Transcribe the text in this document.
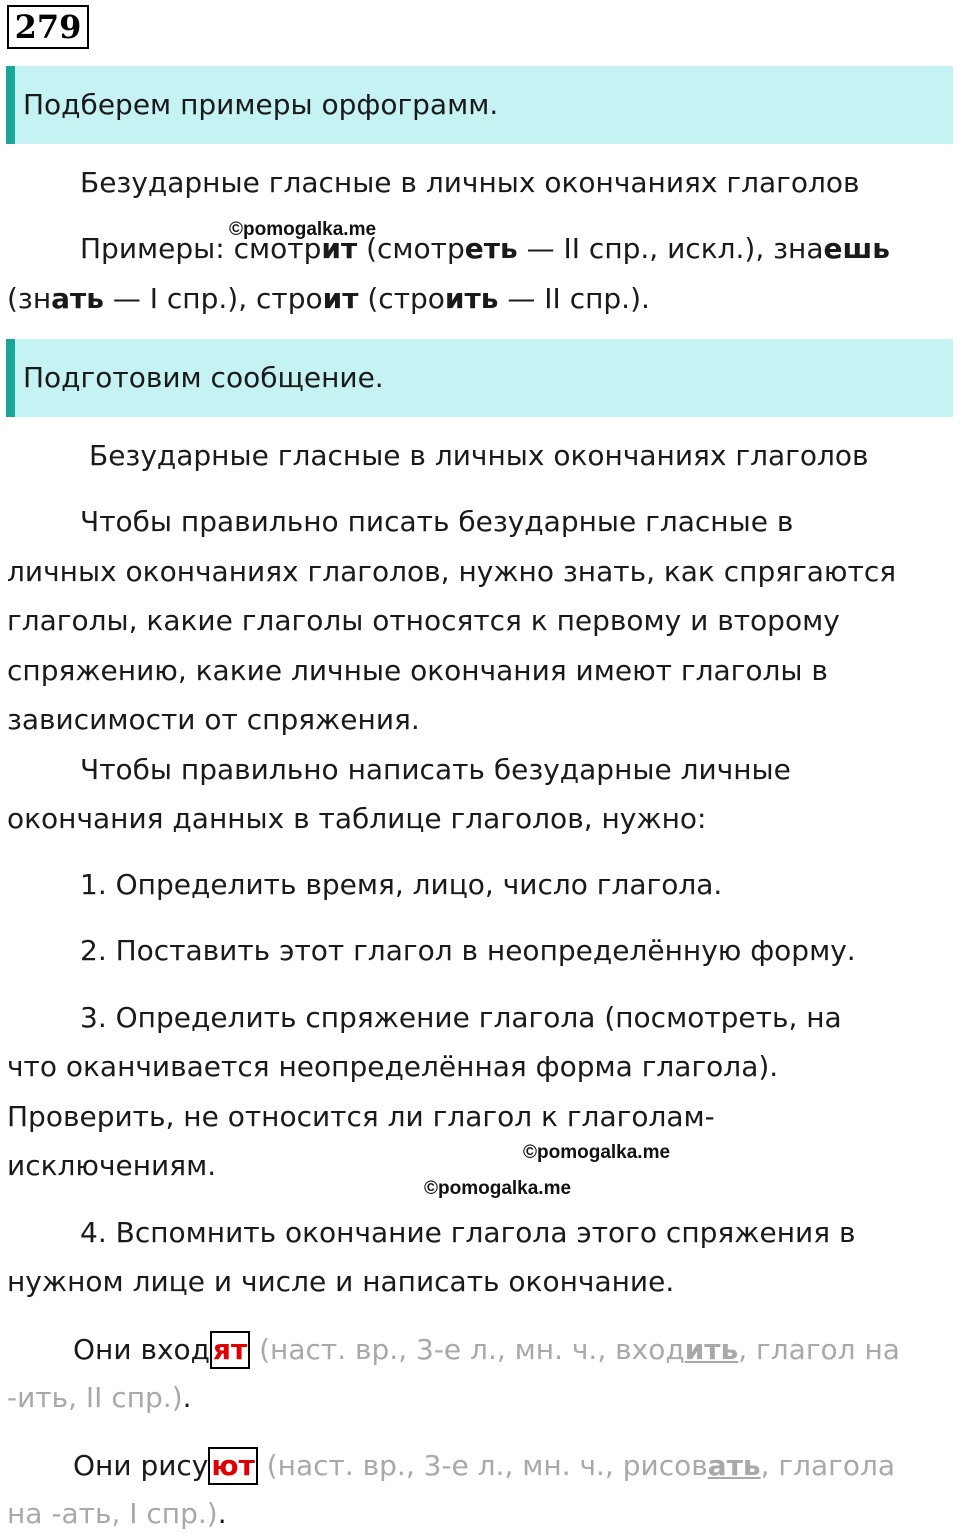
279
Подберем примеры орфограмм.
Безударные гласные в личных окончаниях глаголов
©pomogalka.me
Примеры: смотрит (смотреть — II спр., искл.), знаешь
(знать — I спр.), строит (строить — II спр.).
Подготовим сообщение.
Безударные гласные в личных окончаниях глаголов
Чтобы правильно писать безударные гласные в
личных окончаниях глаголов, нужно знать, как спрягаются
глаголы, какие глаголы относятся к первому и второму
спряжению, какие личные окончания имеют глаголы в
зависимости от спряжения.
Чтобы правильно написать безударные личные
окончания данных в таблице глаголов, нужно:
1. Определить время, лицо, число глагола.
2. Поставить этот глагол в неопределённую форму.
3. Определить спряжение глагола (посмотреть, на
что оканчивается неопределённая форма глагола).
Проверить, не относится ли глагол к глаголам-
исключениям.	©pomogalka.me
©pomogalka.me
4. Вспомнить окончание глагола этого спряжения в
нужном лице и числе и написать окончание.
Они вход ят (наст. вр., 3-е л., мн. ч., входить, глагол на
-ить, II спр.).
Они рису ют (наст. вр., 3-е л., мн. ч., рисовать, глагола
на -ать, I спр.).
